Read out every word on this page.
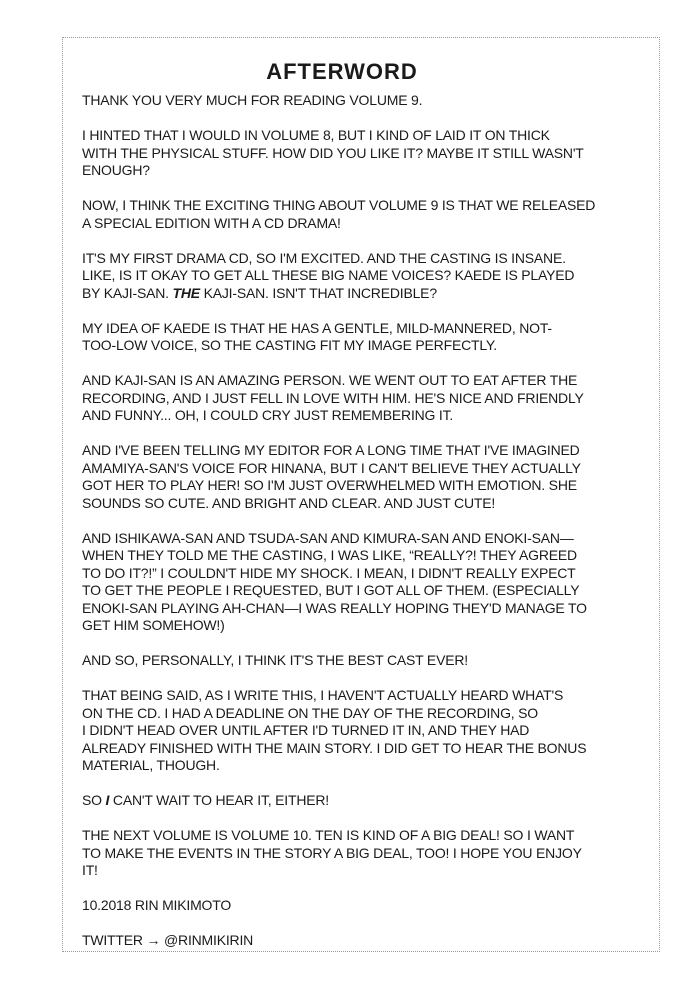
AFTERWORD
THANK YOU VERY MUCH FOR READING VOLUME 9.
I HINTED THAT I WOULD IN VOLUME 8, BUT I KIND OF LAID IT ON THICK
WITH THE PHYSICAL STUFF. HOW DID YOU LIKE IT? MAYBE IT STILL WASN'T
ENOUGH?
NOW, I THINK THE EXCITING THING ABOUT VOLUME 9 IS THAT WE RELEASED
A SPECIAL EDITION WITH A CD DRAMA!
IT'S MY FIRST DRAMA CD, SO I'M EXCITED. AND THE CASTING IS INSANE.
LIKE, IS IT OKAY TO GET ALL THESE BIG NAME VOICES? KAEDE IS PLAYED
BY KAJI-SAN. THE KAJI-SAN. ISN'T THAT INCREDIBLE?
MY IDEA OF KAEDE IS THAT HE HAS A GENTLE, MILD-MANNERED, NOT-
TOO-LOW VOICE, SO THE CASTING FIT MY IMAGE PERFECTLY.
AND KAJI-SAN IS AN AMAZING PERSON. WE WENT OUT TO EAT AFTER THE
RECORDING, AND I JUST FELL IN LOVE WITH HIM. HE'S NICE AND FRIENDLY
AND FUNNY... OH, I COULD CRY JUST REMEMBERING IT.
AND I'VE BEEN TELLING MY EDITOR FOR A LONG TIME THAT I'VE IMAGINED
AMAMIYA-SAN'S VOICE FOR HINANA, BUT I CAN'T BELIEVE THEY ACTUALLY
GOT HER TO PLAY HER! SO I'M JUST OVERWHELMED WITH EMOTION. SHE
SOUNDS SO CUTE. AND BRIGHT AND CLEAR. AND JUST CUTE!
AND ISHIKAWA-SAN AND TSUDA-SAN AND KIMURA-SAN AND ENOKI-SAN—
WHEN THEY TOLD ME THE CASTING, I WAS LIKE, “REALLY?! THEY AGREED
TO DO IT?!” I COULDN'T HIDE MY SHOCK. I MEAN, I DIDN'T REALLY EXPECT
TO GET THE PEOPLE I REQUESTED, BUT I GOT ALL OF THEM. (ESPECIALLY
ENOKI-SAN PLAYING AH-CHAN—I WAS REALLY HOPING THEY'D MANAGE TO
GET HIM SOMEHOW!)
AND SO, PERSONALLY, I THINK IT'S THE BEST CAST EVER!
THAT BEING SAID, AS I WRITE THIS, I HAVEN'T ACTUALLY HEARD WHAT'S
ON THE CD. I HAD A DEADLINE ON THE DAY OF THE RECORDING, SO
I DIDN'T HEAD OVER UNTIL AFTER I'D TURNED IT IN, AND THEY HAD
ALREADY FINISHED WITH THE MAIN STORY. I DID GET TO HEAR THE BONUS
MATERIAL, THOUGH.
SO I CAN'T WAIT TO HEAR IT, EITHER!
THE NEXT VOLUME IS VOLUME 10. TEN IS KIND OF A BIG DEAL! SO I WANT
TO MAKE THE EVENTS IN THE STORY A BIG DEAL, TOO! I HOPE YOU ENJOY
IT!
10.2018 RIN MIKIMOTO
TWITTER → @RINMIKIRIN
